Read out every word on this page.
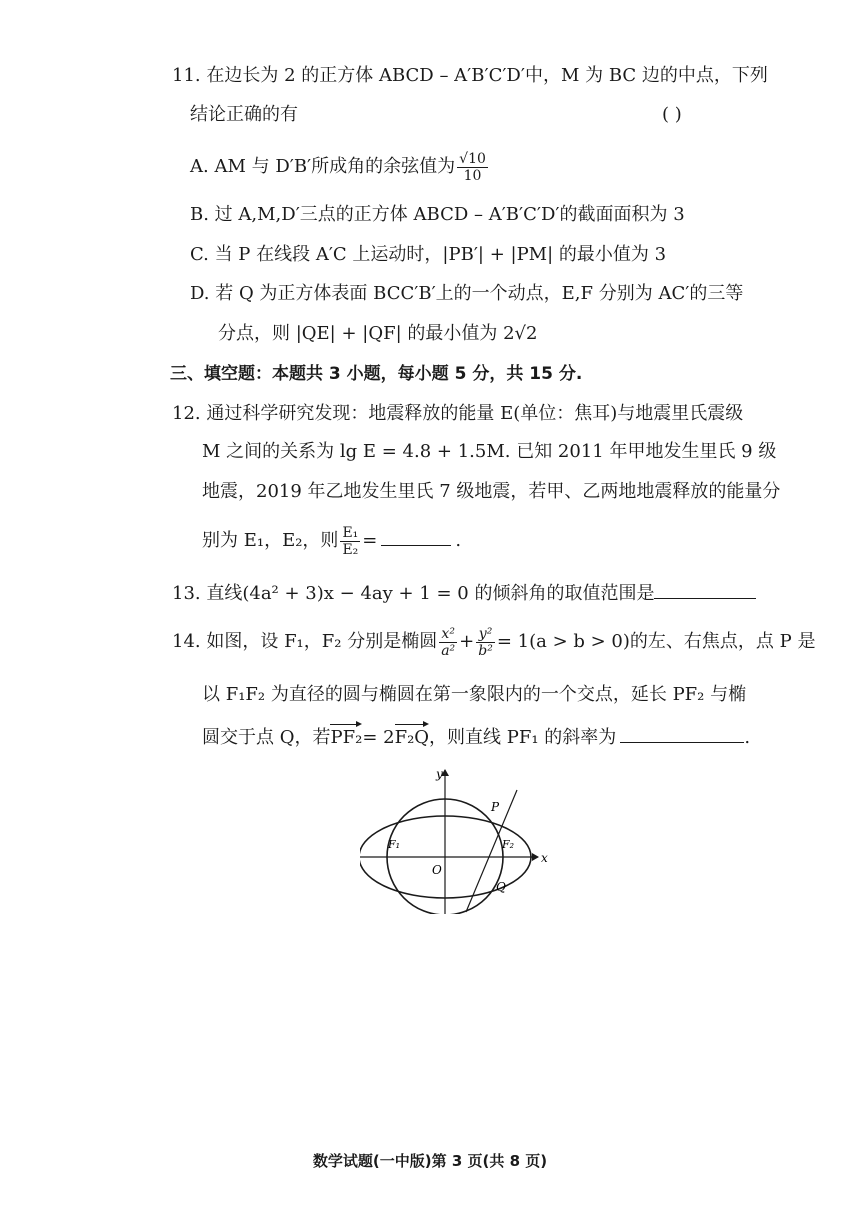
11. 在边长为 2 的正方体 ABCD – A′B′C′D′中，M 为 BC 边的中点，下列
结论正确的有	( )
A. AM 与 D′B′所成角的余弦值为 $\frac{√10}{10}$
B. 过 A,M,D′三点的正方体 ABCD – A′B′C′D′的截面面积为 3
C. 当 P 在线段 A′C 上运动时，|PB′| + |PM| 的最小值为 3
D. 若 Q 为正方体表面 BCC′B′上的一个动点，E,F 分别为 AC′的三等
分点，则 |QE| + |QF| 的最小值为 2√2
三、填空题：本题共 3 小题，每小题 5 分，共 15 分.
12. 通过科学研究发现：地震释放的能量 E(单位：焦耳)与地震里氏震级
M 之间的关系为 lg E = 4.8 + 1.5M. 已知 2011 年甲地发生里氏 9 级
地震，2019 年乙地发生里氏 7 级地震，若甲、乙两地地震释放的能量分
别为 E₁，E₂，则 $\frac{\text{E₁}}{\text{E₂}}$ =	.
13. 直线(4a² + 3)x − 4ay + 1 = 0 的倾斜角的取值范围是
14. 如图，设 F₁，F₂ 分别是椭圆 $\frac{\text{x²}}{\text{a²}} + \frac{\text{y²}}{\text{b²}} = 1(a > b > 0)$的左、右焦点，点 P 是
以 F₁F₂ 为直径的圆与椭圆在第一象限内的一个交点，延长 PF₂ 与椭
圆交于点 Q，若PF₂= 2F₂Q，则直线 PF₁ 的斜率为	.
y
x
O
P
Q
F₁	F₂
数学试题(一中版)第 3 页(共 8 页)
